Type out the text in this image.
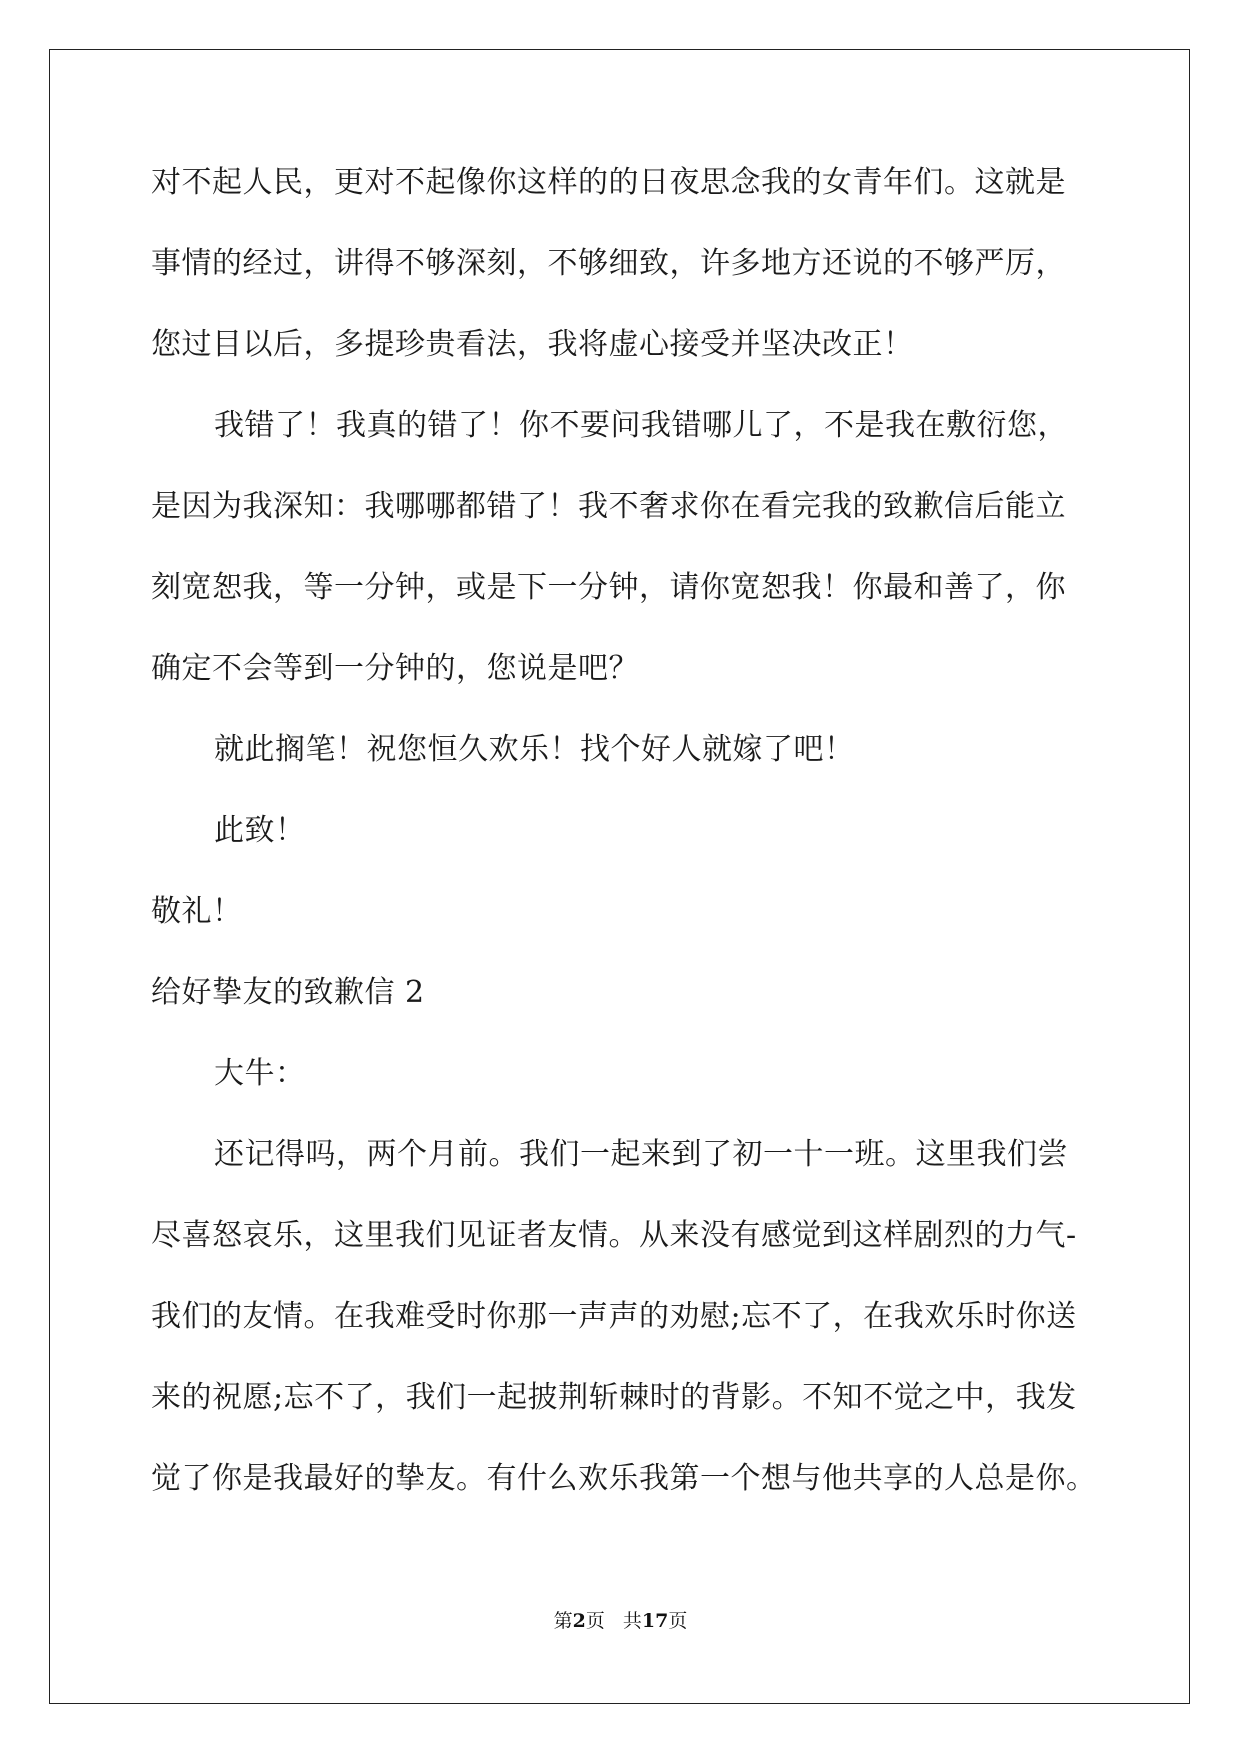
对不起人民，更对不起像你这样的的日夜思念我的女青年们。这就是

事情的经过，讲得不够深刻，不够细致，许多地方还说的不够严厉，

您过目以后，多提珍贵看法，我将虚心接受并坚决改正！

我错了！我真的错了！你不要问我错哪儿了，不是我在敷衍您，

是因为我深知：我哪哪都错了！我不奢求你在看完我的致歉信后能立

刻宽恕我，等一分钟，或是下一分钟，请你宽恕我！你最和善了，你

确定不会等到一分钟的，您说是吧？

就此搁笔！祝您恒久欢乐！找个好人就嫁了吧！

此致！

敬礼！

给好挚友的致歉信 2

大牛：

还记得吗，两个月前。我们一起来到了初一十一班。这里我们尝

尽喜怒哀乐，这里我们见证者友情。从来没有感觉到这样剧烈的力气-

我们的友情。在我难受时你那一声声的劝慰;忘不了，在我欢乐时你送

来的祝愿;忘不了，我们一起披荆斩棘时的背影。不知不觉之中，我发

觉了你是我最好的挚友。有什么欢乐我第一个想与他共享的人总是你。

第2页 共17页
